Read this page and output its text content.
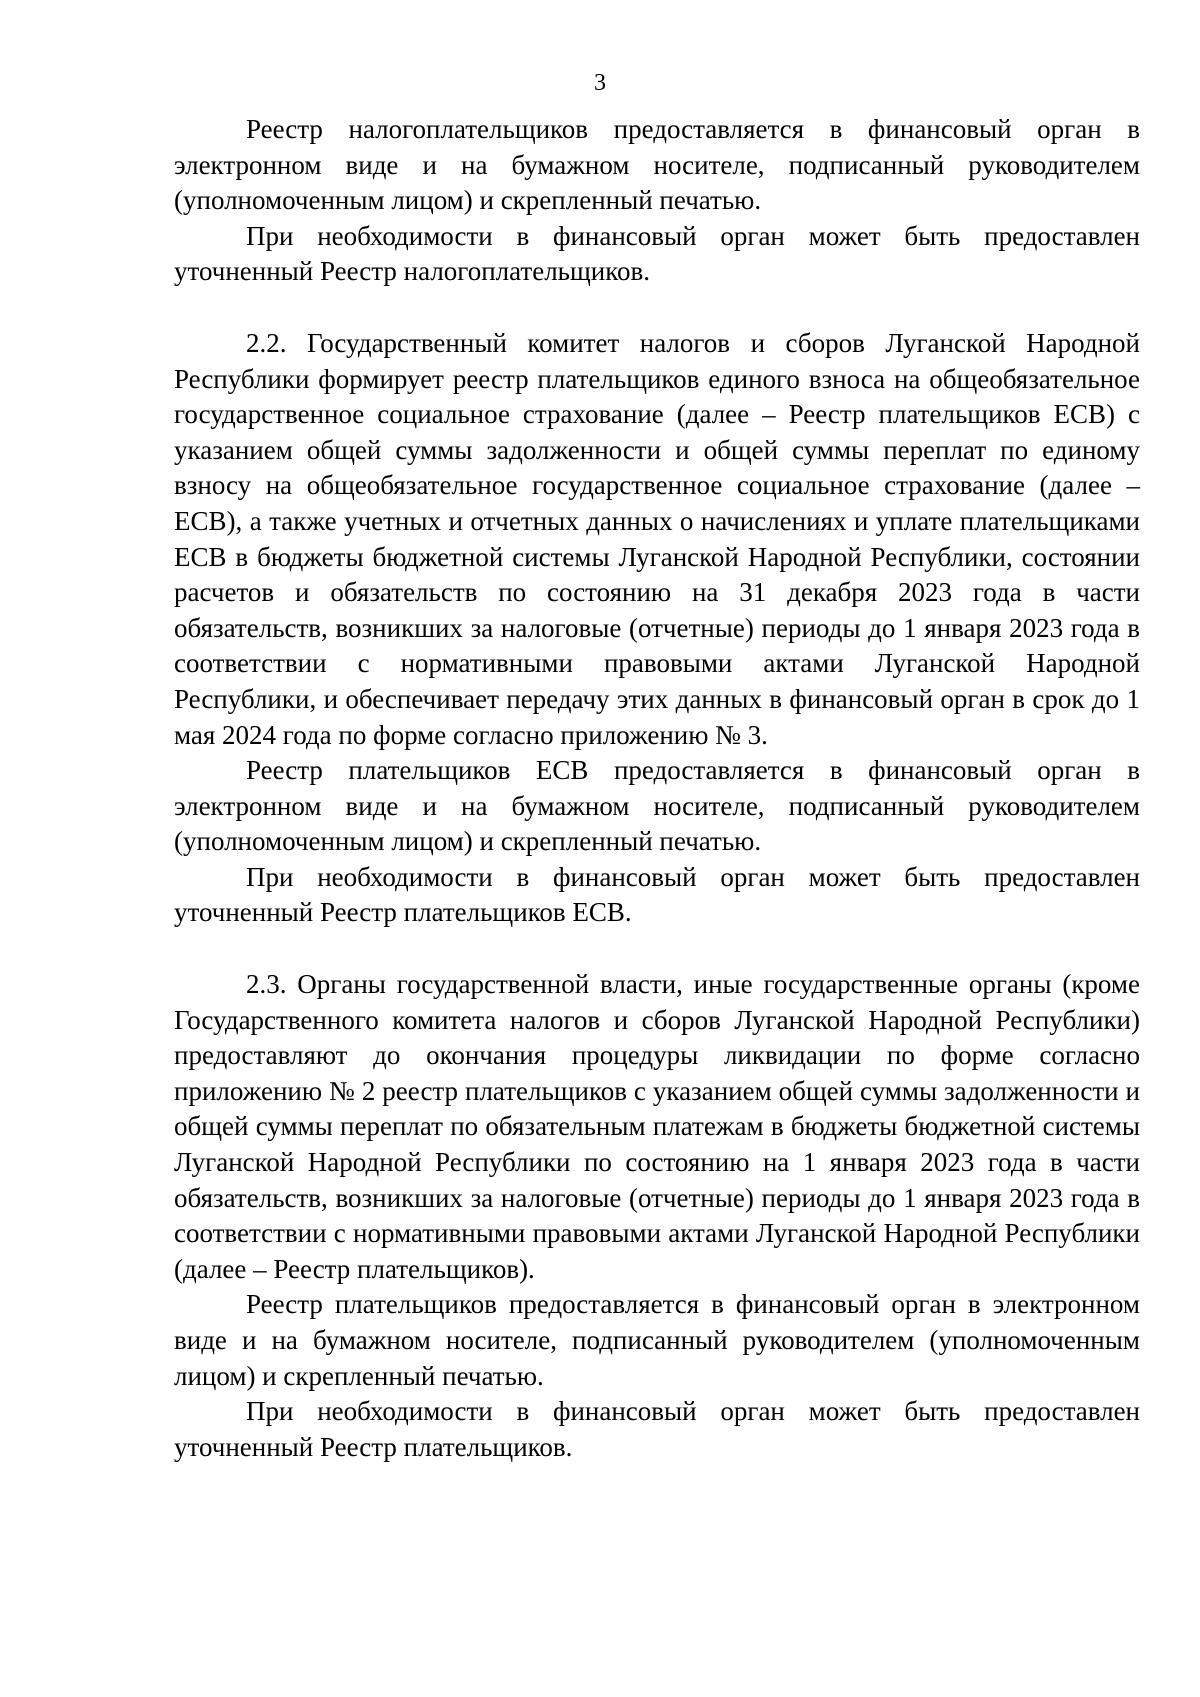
3

Реестр налогоплательщиков предоставляется в финансовый орган в электронном виде и на бумажном носителе, подписанный руководителем (уполномоченным лицом) и скрепленный печатью.

При необходимости в финансовый орган может быть предоставлен уточненный Реестр налогоплательщиков.

2.2. Государственный комитет налогов и сборов Луганской Народной Республики формирует реестр плательщиков единого взноса на общеобязательное государственное социальное страхование (далее – Реестр плательщиков ЕСВ) с указанием общей суммы задолженности и общей суммы переплат по единому взносу на общеобязательное государственное социальное страхование (далее – ЕСВ), а также учетных и отчетных данных о начислениях и уплате плательщиками ЕСВ в бюджеты бюджетной системы Луганской Народной Республики, состоянии расчетов и обязательств по состоянию на 31 декабря 2023 года в части обязательств, возникших за налоговые (отчетные) периоды до 1 января 2023 года в соответствии с нормативными правовыми актами Луганской Народной Республики, и обеспечивает передачу этих данных в финансовый орган в срок до 1 мая 2024 года по форме согласно приложению № 3.

Реестр плательщиков ЕСВ предоставляется в финансовый орган в электронном виде и на бумажном носителе, подписанный руководителем (уполномоченным лицом) и скрепленный печатью.

При необходимости в финансовый орган может быть предоставлен уточненный Реестр плательщиков ЕСВ.

2.3. Органы государственной власти, иные государственные органы (кроме Государственного комитета налогов и сборов Луганской Народной Республики) предоставляют до окончания процедуры ликвидации по форме согласно приложению № 2 реестр плательщиков с указанием общей суммы задолженности и общей суммы переплат по обязательным платежам в бюджеты бюджетной системы Луганской Народной Республики по состоянию на 1 января 2023 года в части обязательств, возникших за налоговые (отчетные) периоды до 1 января 2023 года в соответствии с нормативными правовыми актами Луганской Народной Республики (далее – Реестр плательщиков).

Реестр плательщиков предоставляется в финансовый орган в электронном виде и на бумажном носителе, подписанный руководителем (уполномоченным лицом) и скрепленный печатью.

При необходимости в финансовый орган может быть предоставлен уточненный Реестр плательщиков.
